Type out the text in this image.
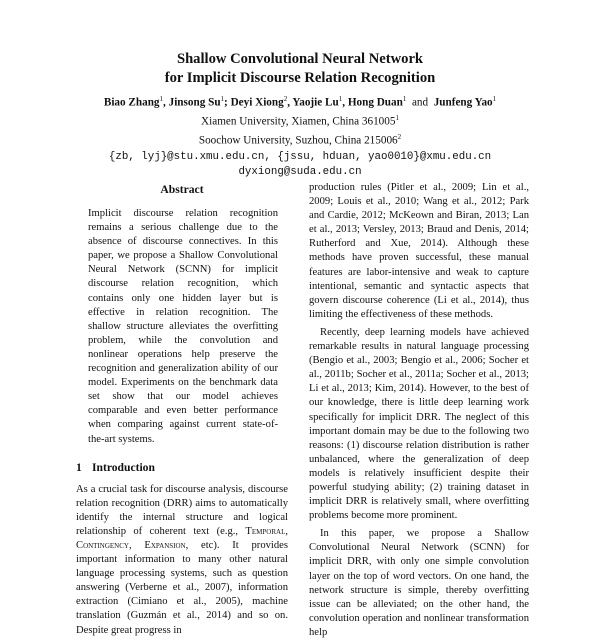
Shallow Convolutional Neural Network
for Implicit Discourse Relation Recognition
Biao Zhang$^1$, Jinsong Su$^1$; Deyi Xiong$^2$, Yaojie Lu$^1$, Hong Duan$^1$  and  Junfeng Yao$^1$
Xiamen University, Xiamen, China 361005$^1$
Soochow University, Suzhou, China 215006$^2$
{zb, lyj}@stu.xmu.edu.cn, {jssu, hduan, yao0010}@xmu.edu.cn
dyxiong@suda.edu.cn
Abstract

Implicit discourse relation recognition remains a serious challenge due to the absence of discourse connectives. In this paper, we propose a Shallow Convolutional Neural Network (SCNN) for implicit discourse relation recognition, which contains only one hidden layer but is effective in relation recognition. The shallow structure alleviates the overfitting problem, while the convolution and nonlinear operations help preserve the recognition and generalization ability of our model. Experiments on the benchmark data set show that our model achieves comparable and even better performance when comparing against current state-of-the-art systems.

1 Introduction

As a crucial task for discourse analysis, discourse relation recognition (DRR) aims to automatically identify the internal structure and logical relationship of coherent text (e.g., Temporal, Contingency, Expansion, etc). It provides important information to many other natural language processing systems, such as question answering (Verberne et al., 2007), information extraction (Cimiano et al., 2005), machine translation (Guzmán et al., 2014) and so on. Despite great progress in

production rules (Pitler et al., 2009; Lin et al., 2009; Louis et al., 2010; Wang et al., 2012; Park and Cardie, 2012; McKeown and Biran, 2013; Lan et al., 2013; Versley, 2013; Braud and Denis, 2014; Rutherford and Xue, 2014). Although these methods have proven successful, these manual features are labor-intensive and weak to capture intentional, semantic and syntactic aspects that govern discourse coherence (Li et al., 2014), thus limiting the effectiveness of these methods.

Recently, deep learning models have achieved remarkable results in natural language processing (Bengio et al., 2003; Bengio et al., 2006; Socher et al., 2011b; Socher et al., 2011a; Socher et al., 2013; Li et al., 2013; Kim, 2014). However, to the best of our knowledge, there is little deep learning work specifically for implicit DRR. The neglect of this important domain may be due to the following two reasons: (1) discourse relation distribution is rather unbalanced, where the generalization of deep models is relatively insufficient despite their powerful studying ability; (2) training dataset in implicit DRR is relatively small, where overfitting problems become more prominent.

In this paper, we propose a Shallow Convolutional Neural Network (SCNN) for implicit DRR, with only one simple convolution layer on the top of word vectors. On one hand, the network structure is simple, thereby overfitting issue can be alleviated; on the other hand, the convolution operation and nonlinear transformation help
